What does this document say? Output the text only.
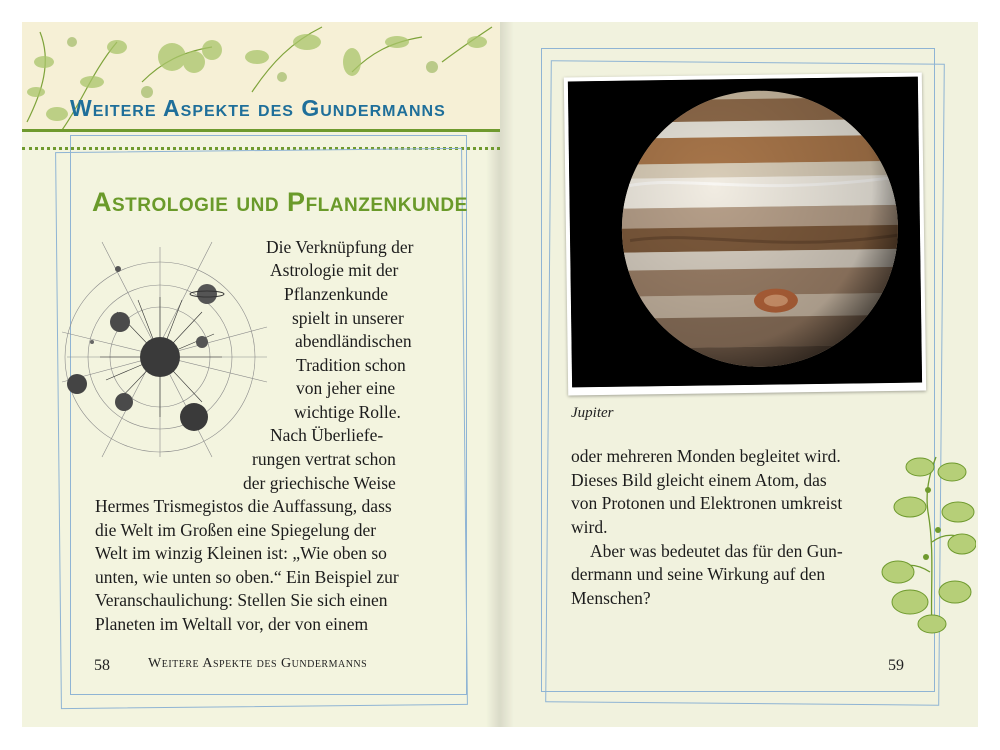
Weitere Aspekte des Gundermanns
Astrologie und Pflanzenkunde
Die Verknüpfung der
Astrologie mit der
Pflanzenkunde
spielt in unserer
abendländischen
Tradition schon
von jeher eine
wichtige Rolle.
Nach Überliefe-
rungen vertrat schon
der griechische Weise
Hermes Trismegistos die Auffassung, dass
die Welt im Großen eine Spiegelung der
Welt im winzig Kleinen ist: „Wie oben so
unten, wie unten so oben.“ Ein Beispiel zur
Veranschaulichung: Stellen Sie sich einen
Planeten im Weltall vor, der von einem
58	Weitere Aspekte des Gundermanns
Jupiter
oder mehreren Monden begleitet wird.
Dieses Bild gleicht einem Atom, das
von Protonen und Elektronen umkreist
wird.
Aber was bedeutet das für den Gun-
dermann und seine Wirkung auf den
Menschen?
59
